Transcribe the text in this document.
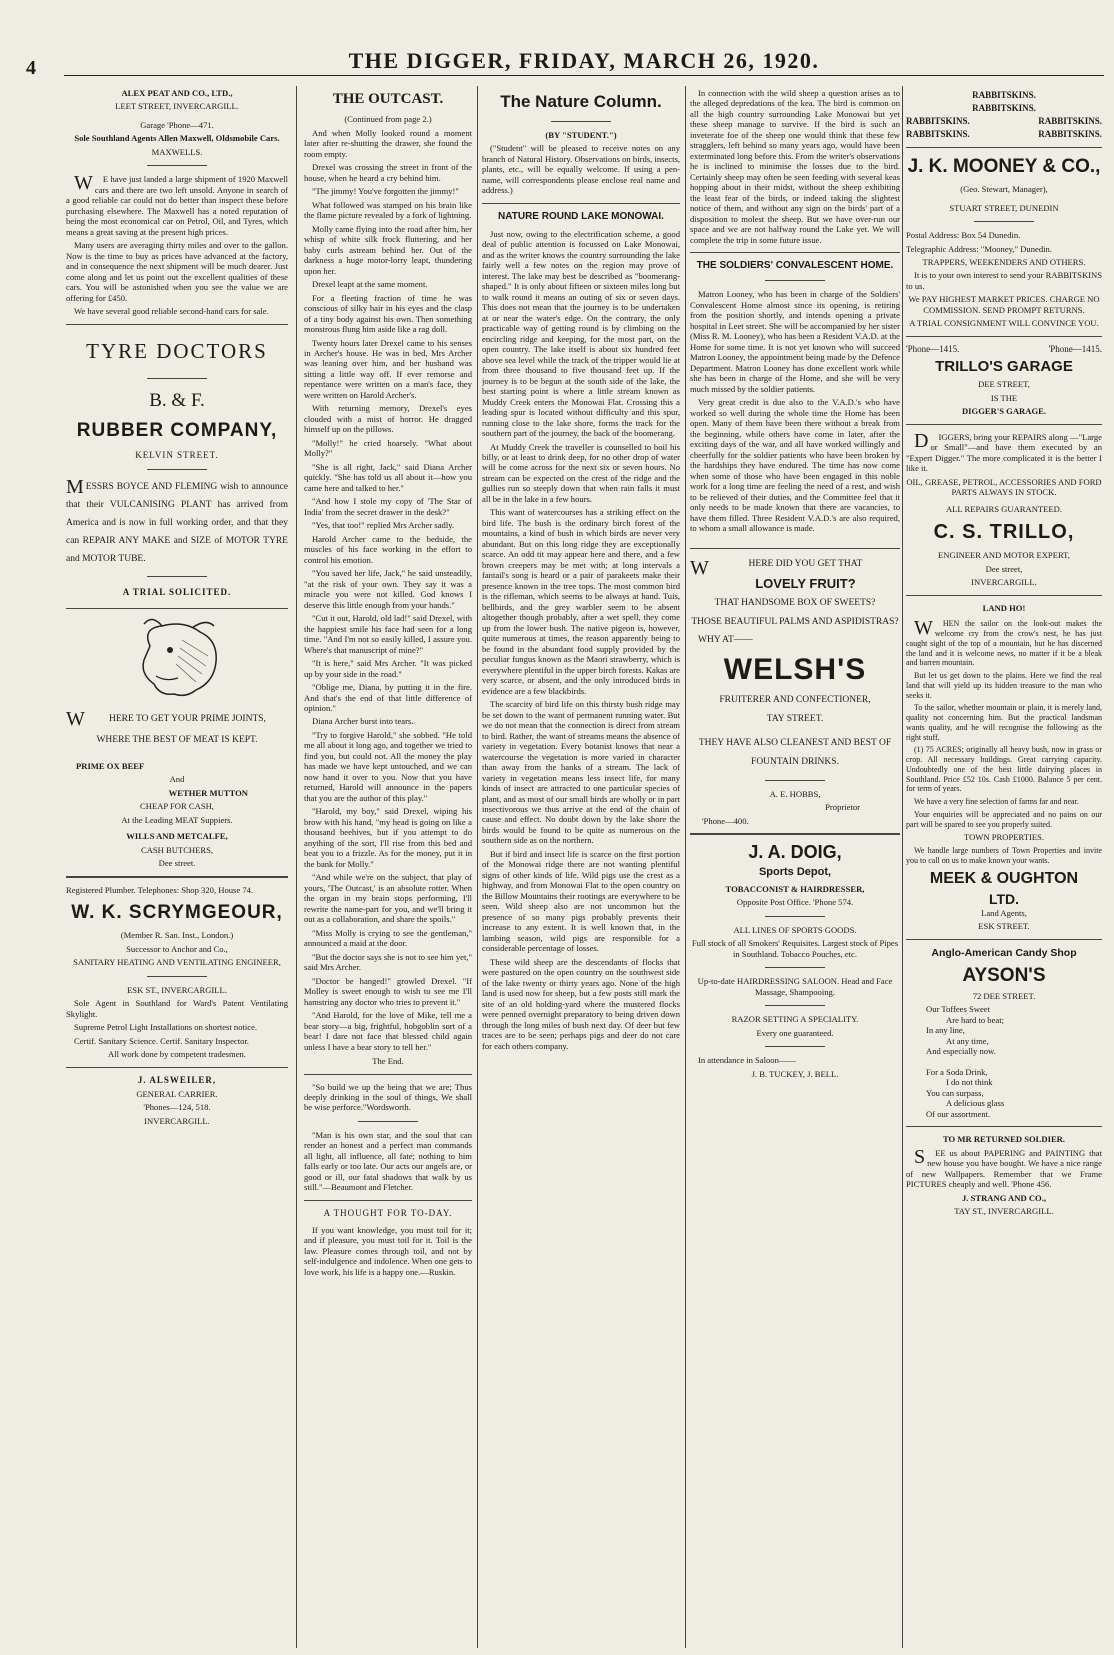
4	THE DIGGER, FRIDAY, MARCH 26, 1920.

ALEX PEAT AND CO., LTD.,

LEET STREET, INVERCARGILL.

Garage 'Phone—471.

Sole Southland Agents Allen Maxwell, Oldsmobile Cars.

MAXWELLS.

WE have just landed a large shipment of 1920 Maxwell cars and there are two left unsold. Anyone in search of a good reliable car could not do better than inspect these before purchasing elsewhere. The Maxwell has a noted reputation of being the most economical car on Petrol, Oil, and Tyres, which means a great saving at the present high prices.

Many users are averaging thirty miles and over to the gallon. Now is the time to buy as prices have advanced at the factory, and in consequence the next shipment will be much dearer. Just come along and let us point out the excellent qualities of these cars. You will be astonished when you see the value we are offering for £450.

We have several good reliable second-hand cars for sale.

TYRE DOCTORS
B. & F.
RUBBER COMPANY,

KELVIN STREET.

MESSRS BOYCE AND FLEMING wish to announce that their VULCANISING PLANT has arrived from America and is now in full working order, and that they can REPAIR ANY MAKE and SIZE of MOTOR TYRE and MOTOR TUBE.

A TRIAL SOLICITED.

WHERE TO GET YOUR PRIME JOINTS,

WHERE THE BEST OF MEAT IS KEPT.

PRIME OX BEEF

And

WETHER MUTTON

CHEAP FOR CASH,

At the Leading MEAT Suppiers.

WILLS AND METCALFE,

CASH BUTCHERS,

Dee street.

Registered Plumber. Telephones: Shop 320, House 74.

W. K. SCRYMGEOUR,

(Member R. San. Inst., London.)

Successor to Anchor and Co.,

SANITARY HEATING AND VENTILATING ENGINEER,

ESK ST., INVERCARGILL.

Sole Agent in Southland for Ward's Patent Ventilating Skylight.

Supreme Petrol Light Installations on shortest notice.

Certif. Sanitary Science. Certif. Sanitary Inspector.

All work done by competent tradesmen.

J. ALSWEILER,

GENERAL CARRIER.

'Phones—124, 518.

INVERCARGILL.

THE OUTCAST.

(Continued from page 2.)

And when Molly looked round a moment later after re-shutting the drawer, she found the room empty.

Drexel was crossing the street in front of the house, when he heard a cry behind him.

"The jimmy! You've forgotten the jimmy!"

What followed was stamped on his brain like the flame picture revealed by a fork of lightning.

Molly came flying into the road after him, her whisp of white silk frock fluttering, and her baby curls astream behind her. Out of the darkness a huge motor-lorry leapt, thundering upon her.

Drexel leapt at the same moment.

For a fleeting fraction of time he was conscious of silky hair in his eyes and the clasp of a tiny body against his own. Then something monstrous flung him aside like a rag doll.

Twenty hours later Drexel came to his senses in Archer's house. He was in bed, Mrs Archer was leaning over him, and her husband was sitting a little way off. If ever remorse and repentance were written on a man's face, they were written on Harold Archer's.

With returning memory, Drexel's eyes clouded with a mist of horror. He dragged himself up on the pillows.

"Molly!" he cried hoarsely. "What about Molly?"

"She is all right, Jack," said Diana Archer quickly. "She has told us all about it—how you came here and talked to her."

"And how I stole my copy of 'The Star of India' from the secret drawer in the desk?"

"Yes, that too!" replied Mrs Archer sadly.

Harold Archer came to the bedside, the muscles of his face working in the effort to control his emotion.

"You saved her life, Jack," he said unsteadily, "at the risk of your own. They say it was a miracle you were not killed. God knows I deserve this little enough from your hands."

"Cut it out, Harold, old lad!" said Drexel, with the happiest smile his face had seen for a long time. "And I'm not so easily killed, I assure you. Where's that manuscript of mine?"

"It is here," said Mrs Archer. "It was picked up by your side in the road."

"Oblige me, Diana, by putting it in the fire. And that's the end of that little difference of opinion."

Diana Archer burst into tears.

"Try to forgive Harold," she sobbed. "He told me all about it long ago, and together we tried to find you, but could not. All the money the play has made we have kept untouched, and we can now hand it over to you. Now that you have returned, Harold will announce in the papers that you are the author of this play."

"Harold, my boy," said Drexel, wiping his brow with his hand, "my head is going on like a thousand beehives, but if you attempt to do anything of the sort, I'll rise from this bed and beat you to a frizzle. As for the money, put it in the bank for Molly."

"And while we're on the subject, that play of yours, 'The Outcast,' is an absolute rotter. When the organ in my brain stops performing, I'll rewrite the name-part for you, and we'll bring it out as a collaboration, and share the spoils."

"Miss Molly is crying to see the gentleman," announced a maid at the door.

"But the doctor says she is not to see him yet," said Mrs Archer.

"Doctor be hanged!" growled Drexel. "If Molley is sweet enough to wish to see me I'll hamstring any doctor who tries to prevent it."

"And Harold, for the love of Mike, tell me a bear story—a big, frightful, hobgoblin sort of a bear! I dare not face that blessed child again unless I have a bear story to tell her."

The End.

"So build we up the being that we are; Thus deeply drinking in the soul of things, We shall be wise perforce."Wordsworth.

"Man is his own star, and the soul that can render an honest and a perfect man commands all light, all influence, all fate; nothing to him falls early or too late. Our acts our angels are, or good or ill, our fatal shadows that walk by us still."—Beaumont and Fletcher.

A THOUGHT FOR TO-DAY.

If you want knowledge, you must toil for it; and if pleasure, you must toil for it. Toil is the law. Pleasure comes through toil, and not by self-indulgence and indolence. When one gets to love work, his life is a happy one.—Ruskin.

The Nature Column.

(BY "STUDENT.")

("Student" will be pleased to receive notes on any branch of Natural History. Observations on birds, insects, plants, etc., will be equally welcome. If using a pen-name, will correspondents please enclose real name and address.)

NATURE ROUND LAKE MONOWAI.

Just now, owing to the electrification scheme, a good deal of public attention is focussed on Lake Monowai, and as the writer knows the country surrounding the lake fairly well a few notes on the region may prove of interest. The lake may best be described as "boomerang-shaped." It is only about fifteen or sixteen miles long but to walk round it means an outing of six or seven days. This does not mean that the journey is to be undertaken at or near the water's edge. On the contrary, the only practicable way of getting round is by climbing on the encircling ridge and keeping, for the most part, on the open country. The lake itself is about six hundred feet above sea level while the track of the tripper would lie at from three thousand to five thousand feet up. If the journey is to be begun at the south side of the lake, the best starting point is where a little stream known as Muddy Creek enters the Monowai Flat. Crossing this a leading spur is located without difficulty and this spur, running close to the lake shore, forms the track for the southern part of the journey, the back of the boomerang.

At Muddy Creek the traveller is counselled to boil his billy, or at least to drink deep, for no other drop of water will be come across for the next six or seven hours. No stream can be expected on the crest of the ridge and the gullies run so steeply down that when rain falls it must all be in the lake in a few hours.

This want of watercourses has a striking effect on the bird life. The bush is the ordinary birch forest of the mountains, a kind of bush in which birds are never very abundant. But on this long ridge they are exceptionally scarce. An odd tit may appear here and there, and a few brown creepers may be met with; at long intervals a fantail's song is heard or a pair of parakeets make their presence known in the tree tops. The most common bird is the rifleman, which seems to be always at hand. Tuis, bellbirds, and the grey warbler seem to be absent altogether though probably, after a wet spell, they come up from the lower bush. The native pigeon is, however, quite numerous at times, the reason apparently being to be found in the abundant food supply provided by the peculiar fungus known as the Maori strawberry, which is everywhere plentiful in the upper birch forests. Kakas are very scarce, or absent, and the only introduced birds in evidence are a few blackbirds.

The scarcity of bird life on this thirsty bush ridge may be set down to the want of permanent running water. But we do not mean that the connection is direct from stream to bird. Rather, the want of streams means the absence of variety in vegetation. Every botanist knows that near a watercourse the vegetation is more varied in character than away from the banks of a stream. The lack of variety in vegetation means less insect life, for many kinds of insect are attracted to one particular species of plant, and as most of our small birds are wholly or in part insectivorous we thus arrive at the end of the chain of cause and effect. No doubt down by the lake shore the birds would be found to be quite as numerous on the southern side as on the northern.

But if bird and insect life is scarce on the first portion of the Monowai ridge there are not wanting plentiful signs of other kinds of life. Wild pigs use the crest as a highway, and from Monowai Flat to the open country on the Billow Mountains their rootings are everywhere to be seen. Wild sheep also are not uncommon but the presence of so many pigs probably prevents their increase to any extent. It is well known that, in the lambing season, wild pigs are responsible for a considerable percentage of losses.

These wild sheep are the descendants of flocks that were pastured on the open country on the southwest side of the lake twenty or thirty years ago. None of the high land is used now for sheep, but a few posts still mark the site of an old holding-yard where the mustered flocks were penned overnight preparatory to being driven down through the long miles of bush next day. Of deer but few traces are to be seen; perhaps pigs and deer do not care for each others company.

In connection with the wild sheep a question arises as to the alleged depredations of the kea. The bird is common on all the high country surrounding Lake Monowai but yet these sheep manage to survive. If the bird is such an inveterate foe of the sheep one would think that these few stragglers, left behind so many years ago, would have been exterminated long before this. From the writer's observations he is inclined to minimise the losses due to the bird. Certainly sheep may often be seen feeding with several keas hopping about in their midst, without the sheep exhibiting the least fear of the birds, or indeed taking the slightest notice of them, and without any sign on the birds' part of a disposition to molest the sheep. But we have over-run our space and we are not halfway round the Lake yet. We will complete the trip in some future issue.

THE SOLDIERS' CONVALESCENT HOME.

Matron Looney, who has been in charge of the Soldiers' Convalescent Home almost since its opening, is retiring from the position shortly, and intends opening a private hospital in Leet street. She will be accompanied by her sister (Miss R. M. Looney), who has been a Resident V.A.D. at the Home for some time. It is not yet known who will succeed Matron Looney, the appointment being made by the Defence Department. Matron Looney has done excellent work while she has been in charge of the Home, and she will be very much missed by the soldier patients.

Very great credit is due also to the V.A.D.'s who have worked so well during the whole time the Home has been open. Many of them have been there without a break from the beginning, while others have come in later, after the exciting days of the war, and all have worked willingly and cheerfully for the soldier patients who have been broken by the hardships they have endured. The time has now come when some of those who have been engaged in this noble work for a long time are feeling the need of a rest, and wish to be relieved of their duties, and the Committee feel that it only needs to be made known that there are vacancies, to have them filled. Three Resident V.A.D.'s are also required, to whom a small allowance is made.

WHERE DID YOU GET THAT

LOVELY FRUIT?

THAT HANDSOME BOX OF SWEETS?

THOSE BEAUTIFUL PALMS AND ASPIDISTRAS?

WHY AT——

WELSH'S

FRUITERER AND CONFECTIONER,

TAY STREET.

THEY HAVE ALSO CLEANEST AND BEST OF FOUNTAIN DRINKS.

A. E. HOBBS,

Proprietor

'Phone—400.

J. A. DOIG,
Sports Depot,

TOBACCONIST & HAIRDRESSER,

Opposite Post Office. 'Phone 574.

ALL LINES OF SPORTS GOODS.

Full stock of all Smokers' Requisites. Largest stock of Pipes in Southland. Tobacco Pouches, etc.

Up-to-date HAIRDRESSING SALOON. Head and Face Massage, Shampooing.

RAZOR SETTING A SPECIALITY.

Every one guaranteed.

In attendance in Saloon——

J. B. TUCKEY, J. BELL.

RABBITSKINS.
RABBITSKINS.
RABBITSKINS.	RABBITSKINS.
RABBITSKINS.	RABBITSKINS.
J. K. MOONEY & CO.,

(Geo. Stewart, Manager),

STUART STREET, DUNEDIN

Postal Address: Box 54 Dunedin.

Telegraphic Address: "Mooney," Dunedin.

TRAPPERS, WEEKENDERS AND OTHERS.

It is to your own interest to send your RABBITSKINS to us.

We PAY HIGHEST MARKET PRICES. CHARGE NO COMMISSION. SEND PROMPT RETURNS.

A TRIAL CONSIGNMENT WILL CONVINCE YOU.

'Phone—1415.	'Phone—1415.
TRILLO'S GARAGE

DEE STREET,

IS THE

DIGGER'S GARAGE.

DIGGERS, bring your REPAIRS along —"Large or Small"—and have them executed by an "Expert Digger." The more complicated it is the better I like it.

OIL, GREASE, PETROL, ACCESSORIES AND FORD PARTS ALWAYS IN STOCK.

ALL REPAIRS GUARANTEED.

C. S. TRILLO,

ENGINEER AND MOTOR EXPERT,

Dee street,

INVERCARGILL.

LAND HO!

WHEN the sailor on the look-out makes the welcome cry from the crow's nest, he has just caught sight of the top of a mountain, but he has discerned the land and it is welcome news, no matter if it be a bleak and barren mountain.

But let us get down to the plains. Here we find the real land that will yield up its hidden treasure to the man who seeks it.

To the sailor, whether mountain or plain, it is merely land, quality not concerning him. But the practical landsman wants quality, and he will recognise the following as the right stuff.

(1) 75 ACRES; originally all heavy bush, now in grass or crop. All necessary buildings. Great carrying capacity. Undoubtedly one of the best little dairying places in Southland. Price £52 10s. Cash £1000. Balance 5 per cent. for term of years.

We have a very fine selection of farms far and near.

Your enquiries will be appreciated and no pains on our part will be spared to see you properly suited.

TOWN PROPERTIES.

We handle large numbers of Town Properties and invite you to call on us to make known your wants.

MEEK & OUGHTON
LTD.

Land Agents,

ESK STREET.

Anglo-American Candy Shop
AYSON'S

72 DEE STREET.

Our Toffees Sweet
Are hard to beat;
In any line,
At any time,
And especially now.
For a Soda Drink,
I do not think
You can surpass,
A delicious glass
Of our assortment.

TO MR RETURNED SOLDIER.

SEE us about PAPERING and PAINTING that new house you have bought. We have a nice range of new Wallpapers. Remember that we Frame PICTURES cheaply and well. 'Phone 456.

J. STRANG AND CO.,

TAY ST., INVERCARGILL.
